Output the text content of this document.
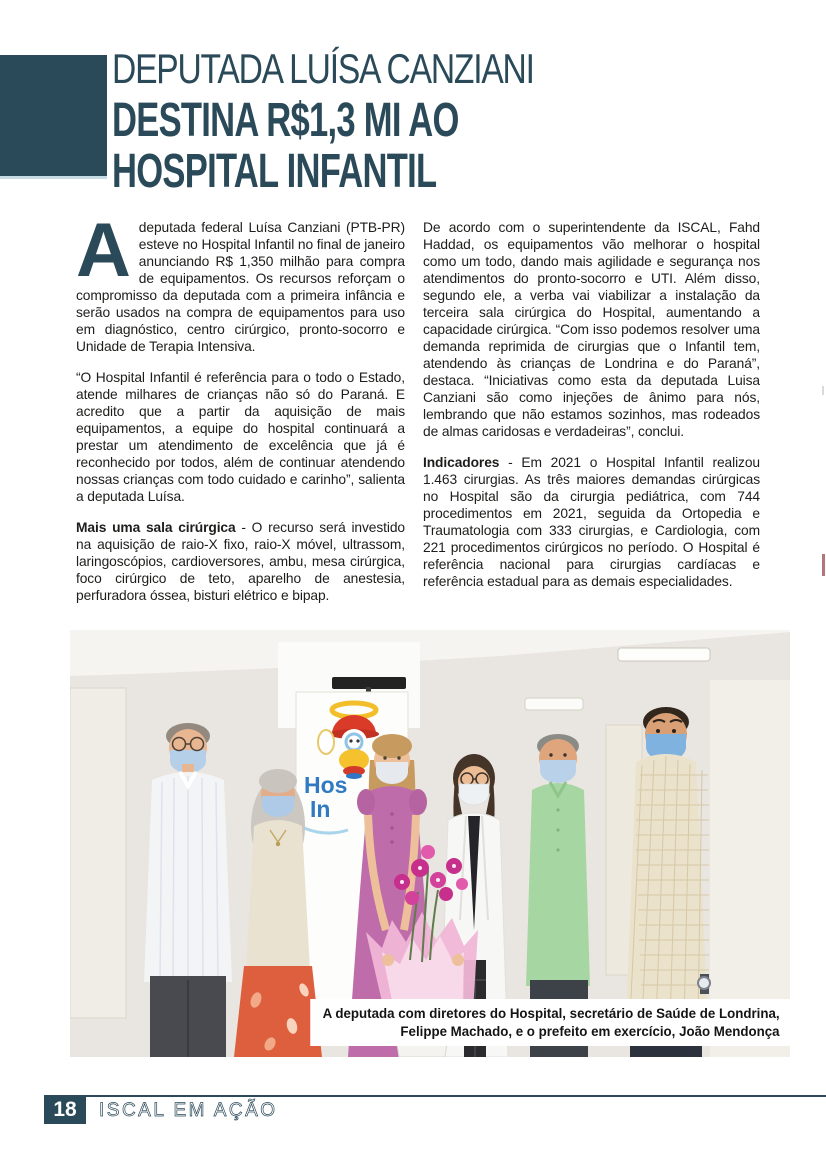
DEPUTADA LUÍSA CANZIANI
DESTINA R$1,3 MI AO
HOSPITAL INFANTIL

Adeputada federal Luísa Canziani (PTB-PR) esteve no Hospital Infantil no final de janeiro anunciando R$ 1,350 milhão para compra de equipamentos. Os recursos reforçam o compromisso da deputada com a primeira infância e serão usados na compra de equipamentos para uso em diagnóstico, centro cirúrgico, pronto-socorro e Unidade de Terapia Intensiva.

“O Hospital Infantil é referência para o todo o Estado, atende milhares de crianças não só do Paraná. E acredito que a partir da aquisição de mais equipamentos, a equipe do hospital continuará a prestar um atendimento de excelência que já é reconhecido por todos, além de continuar atendendo nossas crianças com todo cuidado e carinho”, salienta a deputada Luísa.

Mais uma sala cirúrgica - O recurso será investido na aquisição de raio-X fixo, raio-X móvel, ultrassom, laringoscópios, cardioversores, ambu, mesa cirúrgica, foco cirúrgico de teto, aparelho de anestesia, perfuradora óssea, bisturi elétrico e bipap.

De acordo com o superintendente da ISCAL, Fahd Haddad, os equipamentos vão melhorar o hospital como um todo, dando mais agilidade e segurança nos atendimentos do pronto-socorro e UTI. Além disso, segundo ele, a verba vai viabilizar a instalação da terceira sala cirúrgica do Hospital, aumentando a capacidade cirúrgica. “Com isso podemos resolver uma demanda reprimida de cirurgias que o Infantil tem, atendendo às crianças de Londrina e do Paraná”, destaca. “Iniciativas como esta da deputada Luisa Canziani são como injeções de ânimo para nós, lembrando que não estamos sozinhos, mas rodeados de almas caridosas e verdadeiras”, conclui.

Indicadores - Em 2021 o Hospital Infantil realizou 1.463 cirurgias. As três maiores demandas cirúrgicas no Hospital são da cirurgia pediátrica, com 744 procedimentos em 2021, seguida da Ortopedia e Traumatologia com 333 cirurgias, e Cardiologia, com 221 procedimentos cirúrgicos no período. O Hospital é referência nacional para cirurgias cardíacas e referência estadual para as demais especialidades.

Hos
In
A deputada com diretores do Hospital, secretário de Saúde de Londrina,
Felippe Machado, e o prefeito em exercício, João Mendonça
18	ISCAL EM AÇÃO
